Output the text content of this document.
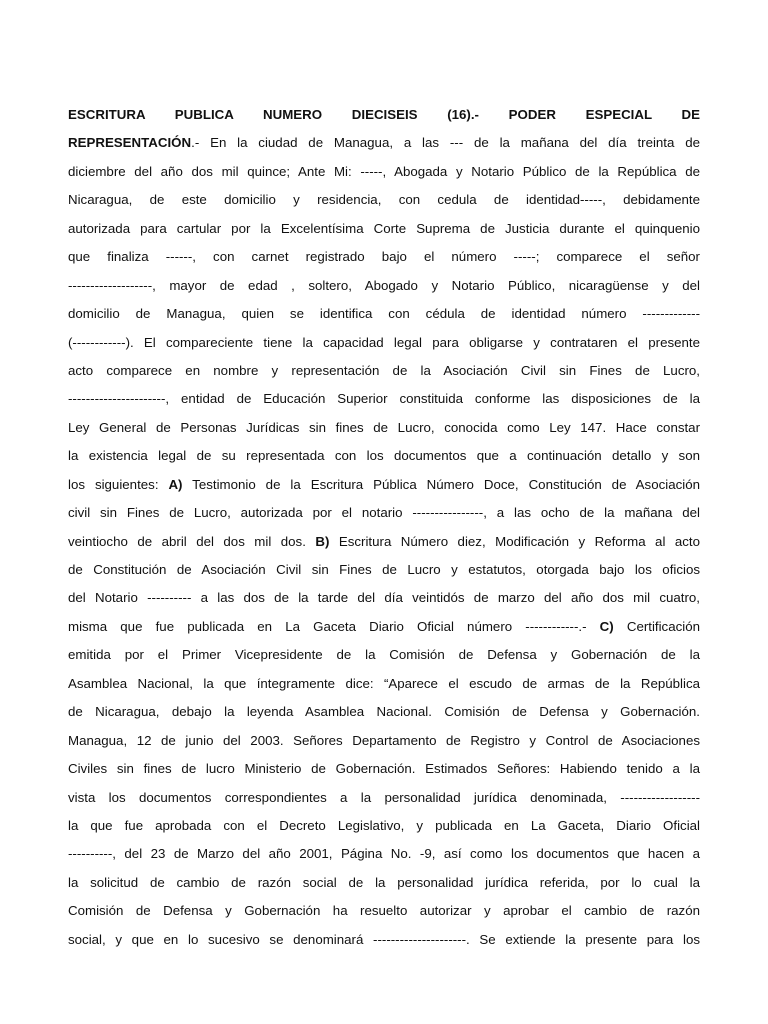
ESCRITURA PUBLICA NUMERO DIECISEIS (16).- PODER ESPECIAL DE
REPRESENTACIÓN.- En la ciudad de Managua, a las --- de la mañana del día treinta de
diciembre del año dos mil quince; Ante Mi: -----, Abogada y Notario Público de la República de
Nicaragua, de este domicilio y residencia, con cedula de identidad-----, debidamente
autorizada para cartular por la Excelentísima Corte Suprema de Justicia durante el quinquenio
que finaliza ------, con carnet registrado bajo el número -----; comparece el señor
-------------------, mayor de edad , soltero, Abogado y Notario Público, nicaragüense y del
domicilio de Managua, quien se identifica con cédula de identidad número -------------
(------------). El compareciente tiene la capacidad legal para obligarse y contrataren el presente
acto comparece en nombre y representación de la Asociación Civil sin Fines de Lucro,
----------------------, entidad de Educación Superior constituida conforme las disposiciones de la
Ley General de Personas Jurídicas sin fines de Lucro, conocida como Ley 147. Hace constar
la existencia legal de su representada con los documentos que a continuación detallo y son
los siguientes: A) Testimonio de la Escritura Pública Número Doce, Constitución de Asociación
civil sin Fines de Lucro, autorizada por el notario ----------------, a las ocho de la mañana del
veintiocho de abril del dos mil dos. B) Escritura Número diez, Modificación y Reforma al acto
de Constitución de Asociación Civil sin Fines de Lucro y estatutos, otorgada bajo los oficios
del Notario ---------- a las dos de la tarde del día veintidós de marzo del año dos mil cuatro,
misma que fue publicada en La Gaceta Diario Oficial número ------------.- C) Certificación
emitida por el Primer Vicepresidente de la Comisión de Defensa y Gobernación de la
Asamblea Nacional, la que íntegramente dice: “Aparece el escudo de armas de la República
de Nicaragua, debajo la leyenda Asamblea Nacional. Comisión de Defensa y Gobernación.
Managua, 12 de junio del 2003. Señores Departamento de Registro y Control de Asociaciones
Civiles sin fines de lucro Ministerio de Gobernación. Estimados Señores: Habiendo tenido a la
vista los documentos correspondientes a la personalidad jurídica denominada, ------------------
la que fue aprobada con el Decreto Legislativo, y publicada en La Gaceta, Diario Oficial
----------, del 23 de Marzo del año 2001, Página No. -9, así como los documentos que hacen a
la solicitud de cambio de razón social de la personalidad jurídica referida, por lo cual la
Comisión de Defensa y Gobernación ha resuelto autorizar y aprobar el cambio de razón
social, y que en lo sucesivo se denominará ---------------------. Se extiende la presente para los
